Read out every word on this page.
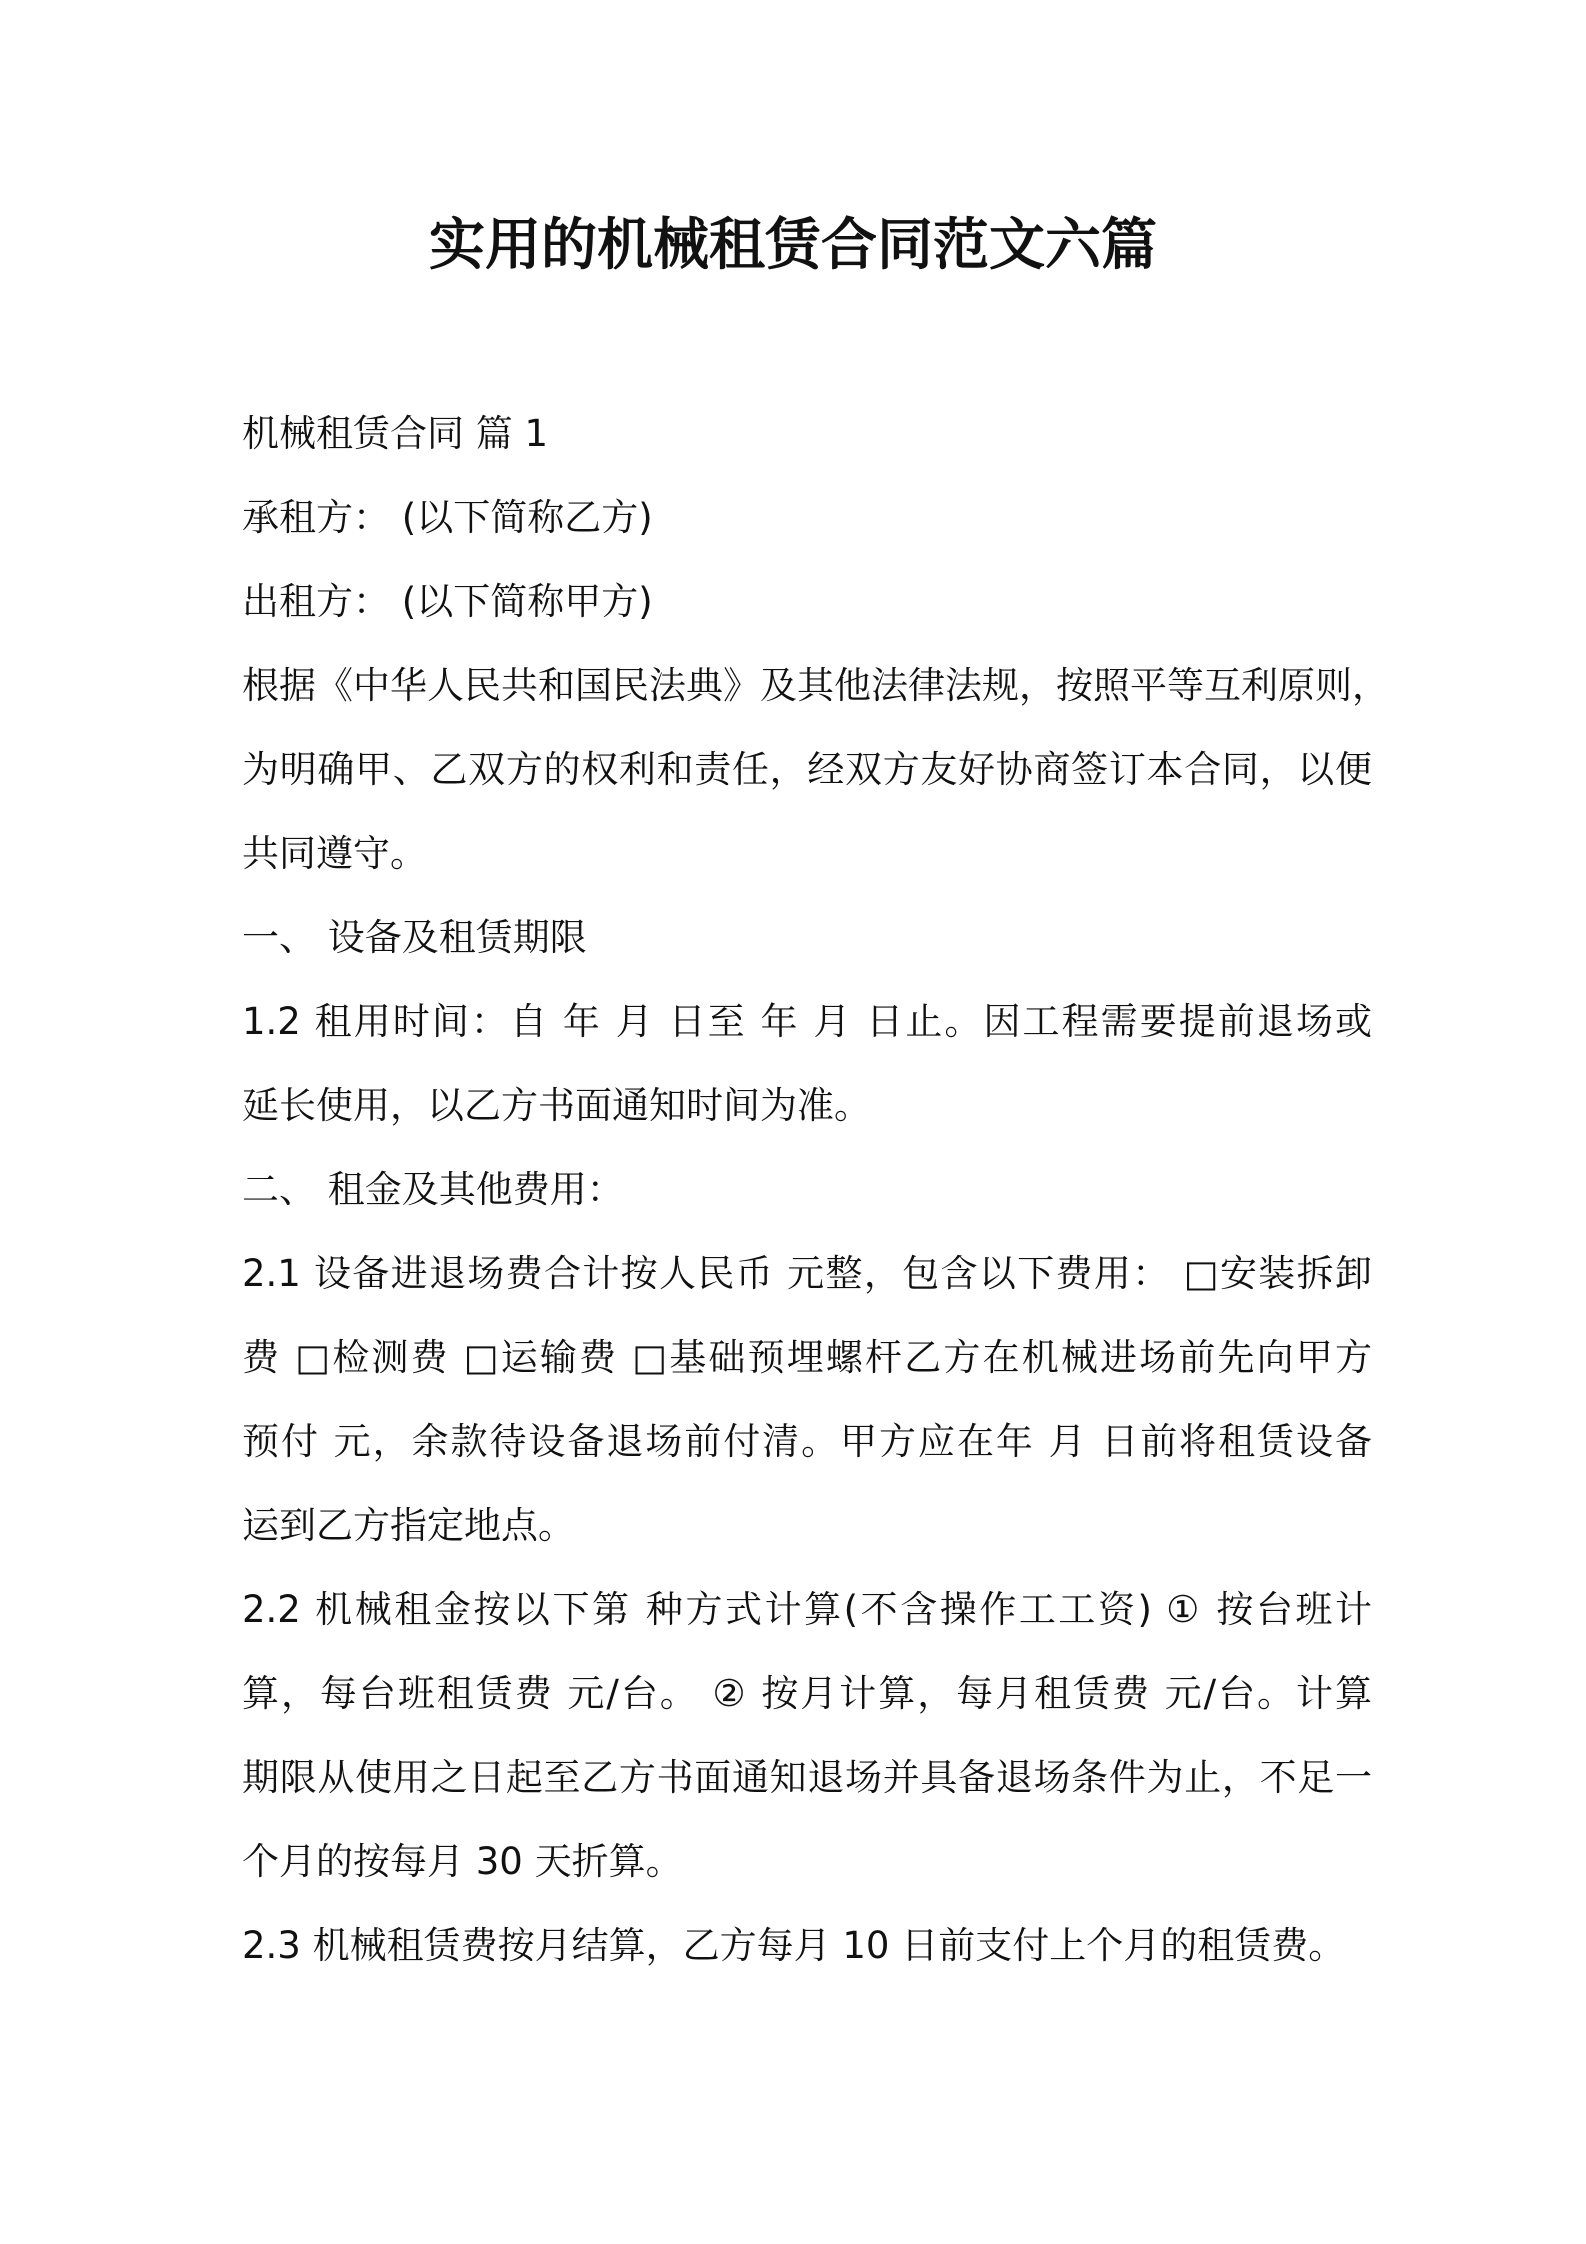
实用的机械租赁合同范文六篇

机械租赁合同 篇 1

承租方： (以下简称乙方)

出租方： (以下简称甲方)

根据《中华人民共和国民法典》及其他法律法规，按照平等互利原则，

为明确甲、乙双方的权利和责任，经双方友好协商签订本合同，以便

共同遵守。

一、 设备及租赁期限

1.2 租用时间：自 年 月 日至 年 月 日止。因工程需要提前退场或

延长使用，以乙方书面通知时间为准。

二、 租金及其他费用：

2.1 设备进退场费合计按人民币 元整，包含以下费用： □安装拆卸

费 □检测费 □运输费 □基础预埋螺杆乙方在机械进场前先向甲方

预付 元，余款待设备退场前付清。甲方应在年 月 日前将租赁设备

运到乙方指定地点。

2.2 机械租金按以下第 种方式计算(不含操作工工资) ① 按台班计

算，每台班租赁费 元/台。 ② 按月计算，每月租赁费 元/台。计算

期限从使用之日起至乙方书面通知退场并具备退场条件为止，不足一

个月的按每月 30 天折算。

2.3 机械租赁费按月结算，乙方每月 10 日前支付上个月的租赁费。
